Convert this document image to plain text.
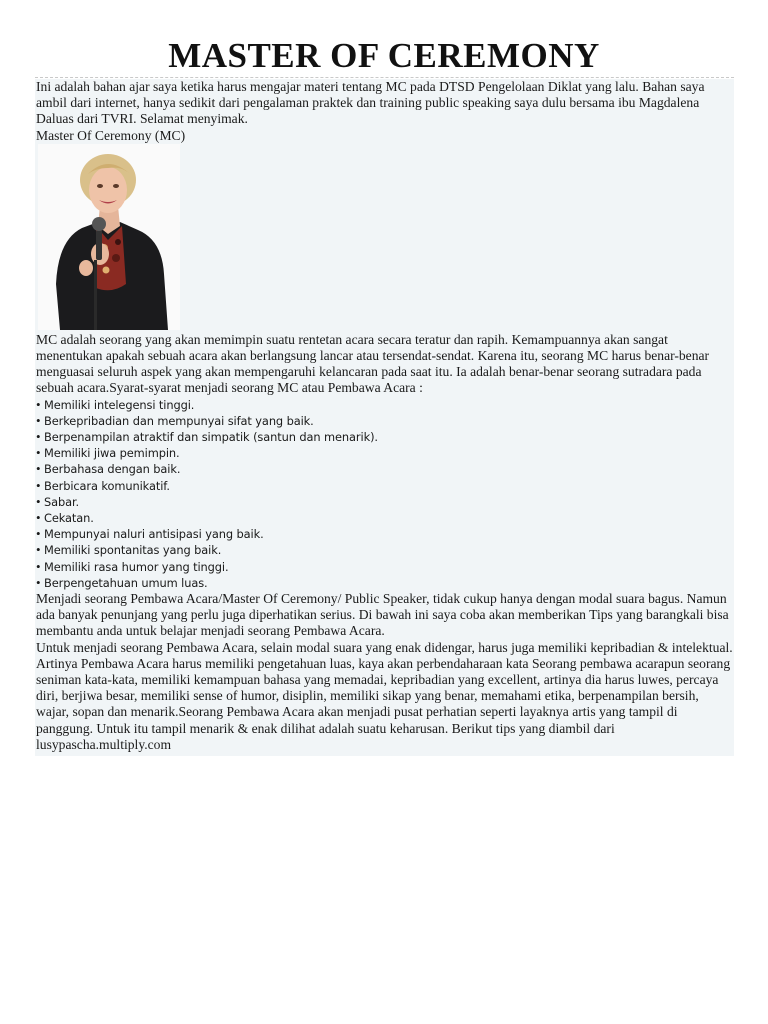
MASTER OF CEREMONY

Ini adalah bahan ajar saya ketika harus mengajar materi tentang MC pada DTSD Pengelolaan Diklat yang lalu. Bahan saya ambil dari internet, hanya sedikit dari pengalaman praktek dan training public speaking saya dulu bersama ibu Magdalena Daluas dari TVRI. Selamat menyimak.

Master Of Ceremony (MC)

MC adalah seorang yang akan memimpin suatu rentetan acara secara teratur dan rapih. Kemampuannya akan sangat menentukan apakah sebuah acara akan berlangsung lancar atau tersendat-sendat. Karena itu, seorang MC harus benar-benar menguasai seluruh aspek yang akan mempengaruhi kelancaran pada saat itu. Ia adalah benar-benar seorang sutradara pada sebuah acara.Syarat-syarat menjadi seorang MC atau Pembawa Acara :

• Memiliki intelegensi tinggi.
• Berkepribadian dan mempunyai sifat yang baik.
• Berpenampilan atraktif dan simpatik (santun dan menarik).
• Memiliki jiwa pemimpin.
• Berbahasa dengan baik.
• Berbicara komunikatif.
• Sabar.
• Cekatan.
• Mempunyai naluri antisipasi yang baik.
• Memiliki spontanitas yang baik.
• Memiliki rasa humor yang tinggi.
• Berpengetahuan umum luas.

Menjadi seorang Pembawa Acara/Master Of Ceremony/ Public Speaker, tidak cukup hanya dengan modal suara bagus. Namun ada banyak penunjang yang perlu juga diperhatikan serius. Di bawah ini saya coba akan memberikan Tips yang barangkali bisa membantu anda untuk belajar menjadi seorang Pembawa Acara.

Untuk menjadi seorang Pembawa Acara, selain modal suara yang enak didengar, harus juga memiliki kepribadian & intelektual. Artinya Pembawa Acara harus memiliki pengetahuan luas, kaya akan perbendaharaan kata Seorang pembawa acarapun seorang seniman kata-kata, memiliki kemampuan bahasa yang memadai, kepribadian yang excellent, artinya dia harus luwes, percaya diri, berjiwa besar, memiliki sense of humor, disiplin, memiliki sikap yang benar, memahami etika, berpenampilan bersih, wajar, sopan dan menarik.Seorang Pembawa Acara akan menjadi pusat perhatian seperti layaknya artis yang tampil di panggung. Untuk itu tampil menarik & enak dilihat adalah suatu keharusan. Berikut tips yang diambil dari lusypascha.multiply.com
